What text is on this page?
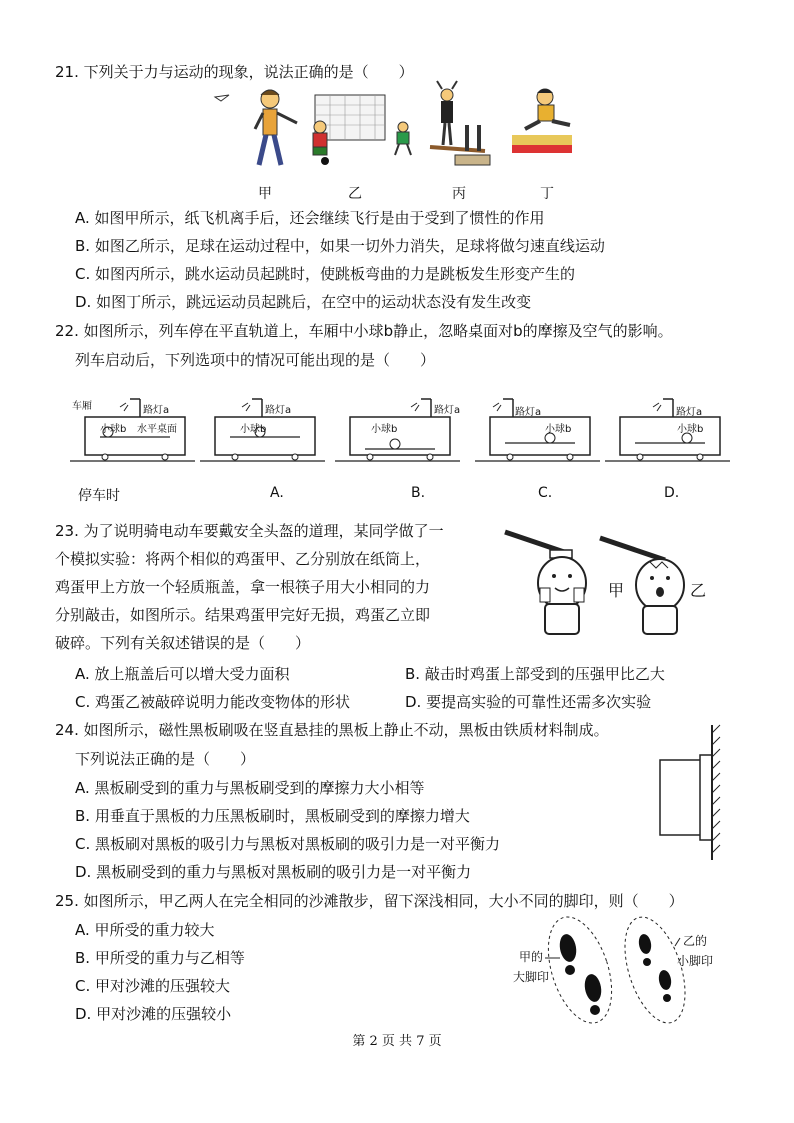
21. 下列关于力与运动的现象，说法正确的是（　　）
甲	乙	丙	丁
A. 如图甲所示，纸飞机离手后，还会继续飞行是由于受到了惯性的作用
B. 如图乙所示，足球在运动过程中，如果一切外力消失，足球将做匀速直线运动
C. 如图丙所示，跳水运动员起跳时，使跳板弯曲的力是跳板发生形变产生的
D. 如图丁所示，跳远运动员起跳后，在空中的运动状态没有发生改变
22. 如图所示，列车停在平直轨道上，车厢中小球b静止，忽略桌面对b的摩擦及空气的影响。
列车启动后，下列选项中的情况可能出现的是（　　）
车厢	路灯a
小球b 水平桌面
路灯a
小球b
路灯a
小球b
路灯a
小球b
路灯a
小球b
停车时	A.	B.	C.	D.
23. 为了说明骑电动车要戴安全头盔的道理，某同学做了一
个模拟实验：将两个相似的鸡蛋甲、乙分别放在纸筒上，
鸡蛋甲上方放一个轻质瓶盖，拿一根筷子用大小相同的力
分别敲击，如图所示。结果鸡蛋甲完好无损，鸡蛋乙立即
破碎。下列有关叙述错误的是（　　）
甲	乙
A. 放上瓶盖后可以增大受力面积	B. 敲击时鸡蛋上部受到的压强甲比乙大
C. 鸡蛋乙被敲碎说明力能改变物体的形状	D. 要提高实验的可靠性还需多次实验
24. 如图所示，磁性黑板刷吸在竖直悬挂的黑板上静止不动，黑板由铁质材料制成。
下列说法正确的是（　　）
A. 黑板刷受到的重力与黑板刷受到的摩擦力大小相等
B. 用垂直于黑板的力压黑板刷时，黑板刷受到的摩擦力增大
C. 黑板刷对黑板的吸引力与黑板对黑板刷的吸引力是一对平衡力
D. 黑板刷受到的重力与黑板对黑板刷的吸引力是一对平衡力
25. 如图所示，甲乙两人在完全相同的沙滩散步，留下深浅相同，大小不同的脚印，则（　　）
A. 甲所受的重力较大
B. 甲所受的重力与乙相等
C. 甲对沙滩的压强较大
D. 甲对沙滩的压强较小
甲的
大脚印
乙的
小脚印
第 2 页 共 7 页
